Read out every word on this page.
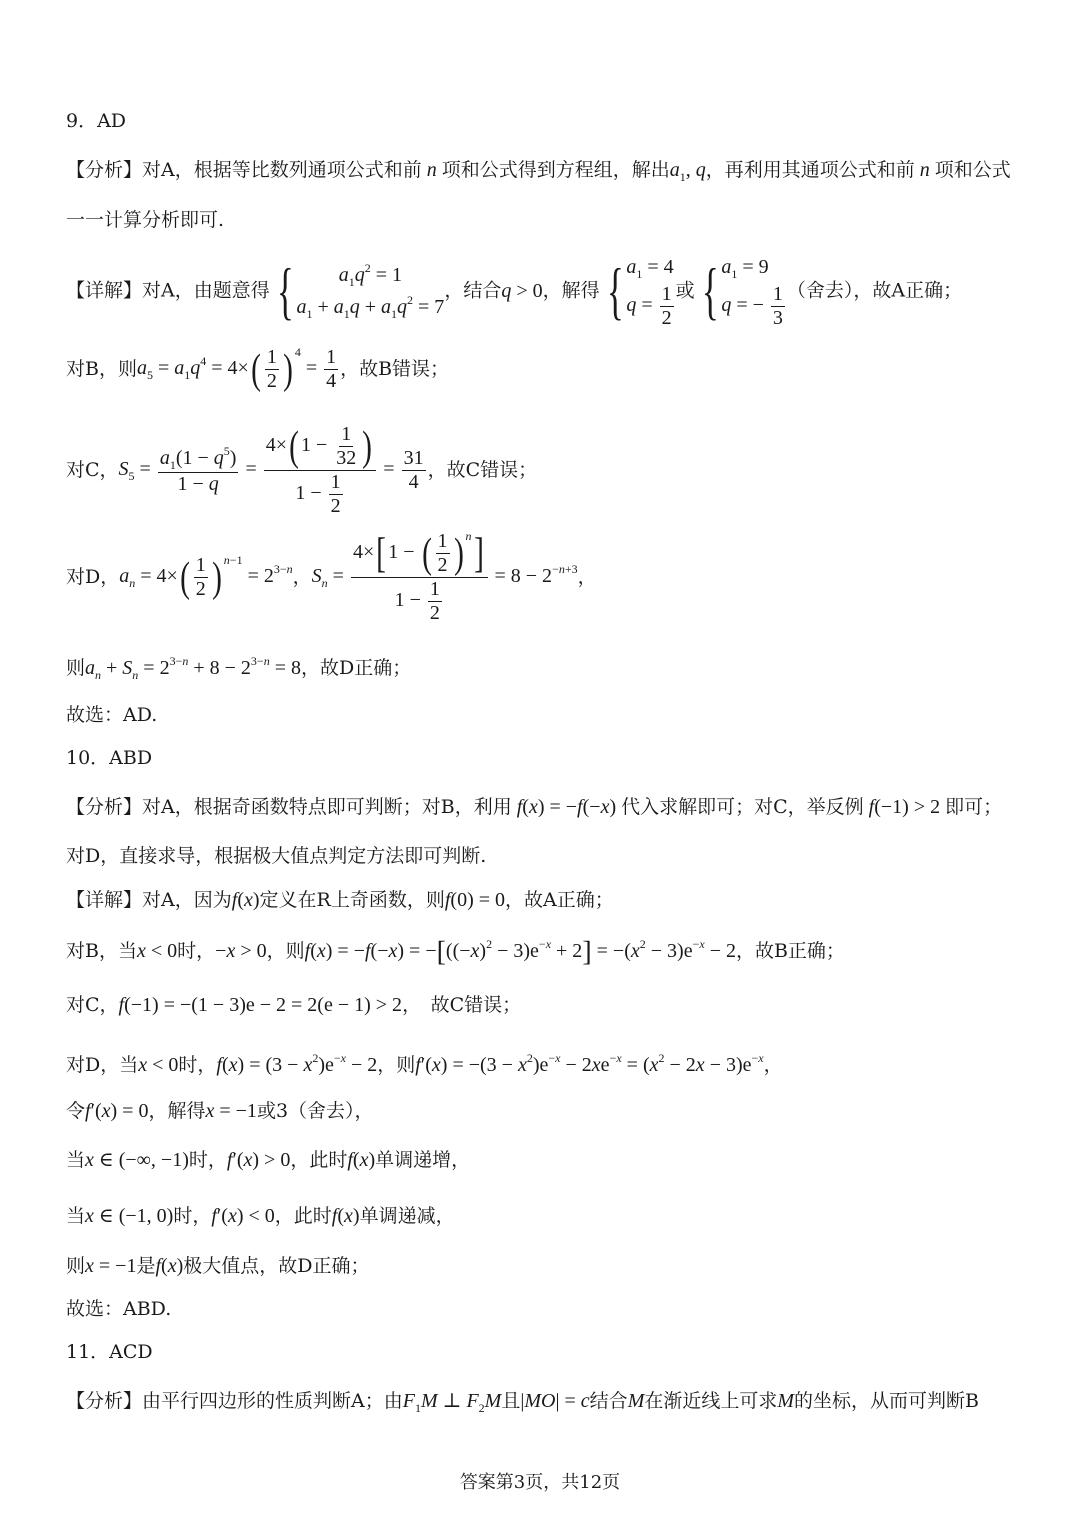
9．AD
【分析】对A，根据等比数列通项公式和前 n 项和公式得到方程组，解出$a_1$, q，再利用其通项公式和前 n 项和公式
一一计算分析即可.
【详解】对A，由题意得 {	$a_1q^2 = 1$
$a_1 + a_1q + a_1q^2 = 7$
，结合q > 0，解得 { $a_1 = 4$
$q = \frac{1}{2}$ 或 { $a_1 = 9$
q = − $\frac{1}{3}$ （舍去），故A正确；
对B，则$a_5 = a_1q^4 = 4\times( \frac{1}{2}$ ) $^4 = \frac{1}{4}$ ，故B错误；
对C，$S_5 = \frac{a_1(1 - q^5)}{1 - q} = \frac{4\times( 1 - \frac{1}{32} )}{1 - \frac{1}{2}} = \frac{31}{4}$ ，故C错误；
对D，$a_n = 4\times( \frac{1}{2}$ ) $^{n-1} = 2^{3-n}$，$S_n = \frac{4\times[ 1 - ( \frac{1}{2} ) ^n]}{1 - \frac{1}{2}} = 8 - 2^{-n+3}$，
则$a_n + S_n = 2^{3-n} + 8 - 2^{3-n} = 8$，故D正确；
故选：AD.
10．ABD
【分析】对A，根据奇函数特点即可判断；对B，利用 f(x) = −f(−x) 代入求解即可；对C，举反例 f(−1) > 2 即可；
对D，直接求导，根据极大值点判定方法即可判断.
【详解】对A，因为f(x)定义在R上奇函数，则f(0) = 0，故A正确；
对B，当x < 0时，−x > 0，则$f(x) = -f(-x) = -[((-x)^2 - 3)e^{-x} + 2] = -(x^2 - 3)e^{-x} - 2$，故B正确；
对C，f(−1) = −(1 − 3)e − 2 = 2(e − 1) > 2，　故C错误；
对D，当x < 0时，$f(x) = (3 - x^2)e^{-x} - 2$，则$f'(x) = -(3 - x^2)e^{-x} - 2xe^{-x} = (x^2 - 2x - 3)e^{-x}$，
令f′(x) = 0，解得x = −1或3（舍去），
当x ∈ (−∞, −1)时，f′(x) > 0，此时f(x)单调递增，
当x ∈ (−1, 0)时，f′(x) < 0，此时f(x)单调递减，
则x = −1是f(x)极大值点，故D正确；
故选：ABD.
11．ACD
【分析】由平行四边形的性质判断A；由$F_1M$ ⊥ $F_2M$且|MO| = c结合M在渐近线上可求M的坐标，从而可判断B
答案第3页，共12页
